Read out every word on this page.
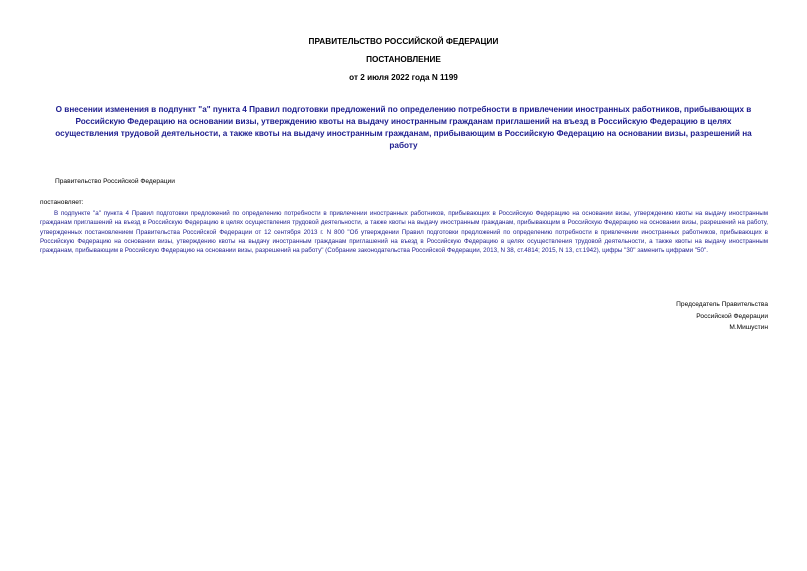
ПРАВИТЕЛЬСТВО РОССИЙСКОЙ ФЕДЕРАЦИИ
ПОСТАНОВЛЕНИЕ
от 2 июля 2022 года N 1199
О внесении изменения в подпункт "а" пункта 4 Правил подготовки предложений по определению потребности в привлечении иностранных работников, прибывающих в Российскую Федерацию на основании визы, утверждению квоты на выдачу иностранным гражданам приглашений на въезд в Российскую Федерацию в целях осуществления трудовой деятельности, а также квоты на выдачу иностранным гражданам, прибывающим в Российскую Федерацию на основании визы, разрешений на работу
Правительство Российской Федерации
постановляет:
В подпункте "а" пункта 4 Правил подготовки предложений по определению потребности в привлечении иностранных работников, прибывающих в Российскую Федерацию на основании визы, утверждению квоты на выдачу иностранным гражданам приглашений на въезд в Российскую Федерацию в целях осуществления трудовой деятельности, а также квоты на выдачу иностранным гражданам, прибывающим в Российскую Федерацию на основании визы, разрешений на работу, утвержденных постановлением Правительства Российской Федерации от 12 сентября 2013 г. N 800 "Об утверждении Правил подготовки предложений по определению потребности в привлечении иностранных работников, прибывающих в Российскую Федерацию на основании визы, утверждению квоты на выдачу иностранным гражданам приглашений на въезд в Российскую Федерацию в целях осуществления трудовой деятельности, а также квоты на выдачу иностранным гражданам, прибывающим в Российскую Федерацию на основании визы, разрешений на работу" (Собрание законодательства Российской Федерации, 2013, N 38, ст.4814; 2015, N 13, ст.1942), цифры "30" заменить цифрами "50".
Председатель Правительства
Российской Федерации
М.Мишустин
